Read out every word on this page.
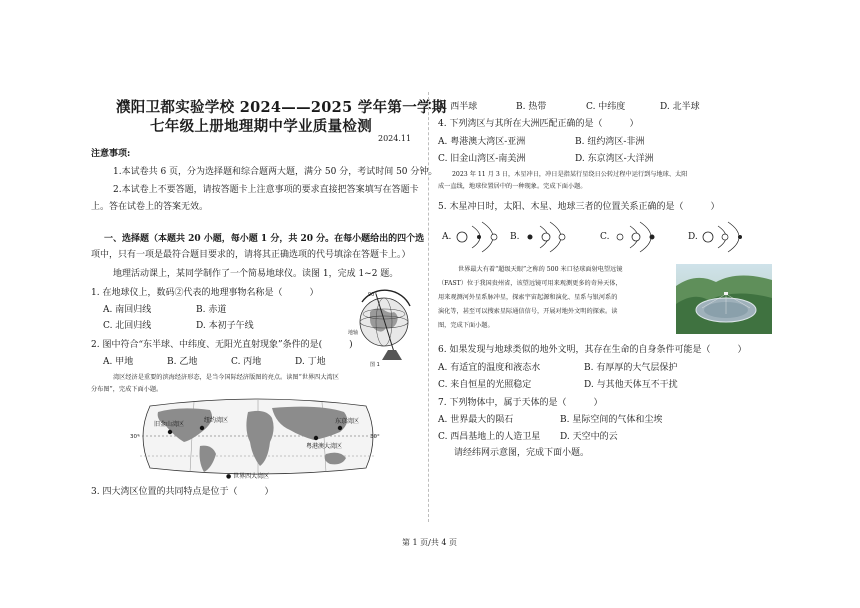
濮阳卫都实验学校 2024——2025 学年第一学期
七年级上册地理期中学业质量检测
2024.11
注意事项:
1.本试卷共 6 页，分为选择题和综合题两大题，满分 50 分，考试时间 50 分钟。
2.本试卷上不要答题，请按答题卡上注意事项的要求直接把答案填写在答题卡
上。答在试卷上的答案无效。
一、选择题（本题共 20 小题，每小题 1 分，共 20 分。在每小题给出的四个选
项中，只有一项是最符合题目要求的，请将其正确选项的代号填涂在答题卡上。）
地理活动课上，某同学制作了一个简易地球仪。读图 1，完成 1~2 题。
1. 在地球仪上，数码②代表的地理事物名称是（　　　）
A. 南回归线	B. 赤道
C. 北回归线	D. 本初子午线
90°
地轴
图 1
2. 图中符合“东半球、中纬度、无阳光直射现象”条件的是(　　　)
A. 甲地	B. 乙地	C. 丙地	D. 丁地
湾区经济是重要的滨海经济形态，是当今国际经济版图的亮点。读图“世界四大湾区
分布图”，完成下面小题。
旧金山湾区
纽约湾区	东京湾区
粤港澳大湾区
30°	30°
● 世界四大湾区
3. 四大湾区位置的共同特点是位于（　　　）
A. 西半球	B. 热带	C. 中纬度	D. 北半球
4. 下列湾区与其所在大洲匹配正确的是（　　　）
A. 粤港澳大湾区-亚洲	B. 纽约湾区-非洲
C. 旧金山湾区-南美洲	D. 东京湾区-大洋洲
2023 年 11 月 3 日，木星冲日，冲日是指某行星绕日公转过程中运行到与地球、太阳
成一直线，地球位置居中的一种现象。完成下面小题。
5. 木星冲日时，太阳、木星、地球三者的位置关系正确的是（　　　）
A.	B.	C.	D.
世界最大有着“超级天眼”之称的 500 米口径球面射电望远镜
（FAST）位于我国贵州省，该望远镜可用来观测更多的奇异天体，
用来观测河外星系脉冲星，探索宇宙起源和演化、星系与银河系的
演化等，甚至可以搜索星际通信信号，开展对地外文明的探索。读
图，完成下面小题。
6. 如果发现与地球类似的地外文明，其存在生命的自身条件可能是（　　　）
A. 有适宜的温度和液态水	B. 有厚厚的大气层保护
C. 来自恒星的光照稳定	D. 与其他天体互不干扰
7. 下列物体中，属于天体的是（　　　）
A. 世界最大的陨石	B. 星际空间的气体和尘埃
C. 西昌基地上的人造卫星 D. 天空中的云
请经纬网示意图，完成下面小题。
第 1 页/共 4 页
